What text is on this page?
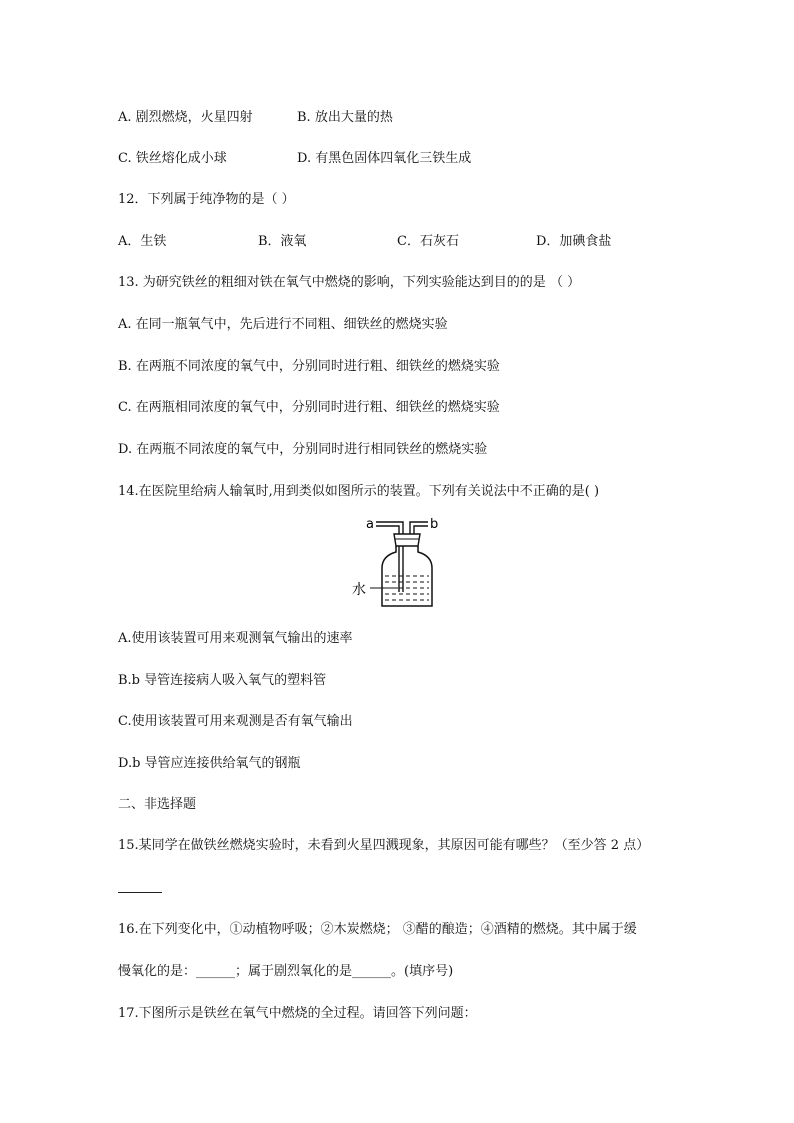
A. 剧烈燃烧，火星四射	B. 放出大量的热
C. 铁丝熔化成小球	D. 有黑色固体四氧化三铁生成
12．下列属于纯净物的是（ ）
A．生铁	B．液氧	C．石灰石	D．加碘食盐
13. 为研究铁丝的粗细对铁在氧气中燃烧的影响，下列实验能达到目的的是 （ ）
A. 在同一瓶氧气中，先后进行不同粗、细铁丝的燃烧实验
B. 在两瓶不同浓度的氧气中，分别同时进行粗、细铁丝的燃烧实验
C. 在两瓶相同浓度的氧气中，分别同时进行粗、细铁丝的燃烧实验
D. 在两瓶不同浓度的氧气中，分别同时进行相同铁丝的燃烧实验
14.在医院里给病人输氧时,用到类似如图所示的装置。下列有关说法中不正确的是( )
a	b
水
A.使用该装置可用来观测氧气输出的速率
B.b 导管连接病人吸入氧气的塑料管
C.使用该装置可用来观测是否有氧气输出
D.b 导管应连接供给氧气的钢瓶
二、非选择题
15.某同学在做铁丝燃烧实验时，未看到火星四溅现象，其原因可能有哪些？（至少答 2 点）
16.在下列变化中，①动植物呼吸；②木炭燃烧； ③醋的酿造；④酒精的燃烧。其中属于缓
慢氧化的是：______；属于剧烈氧化的是______。(填序号)
17.下图所示是铁丝在氧气中燃烧的全过程。请回答下列问题：
